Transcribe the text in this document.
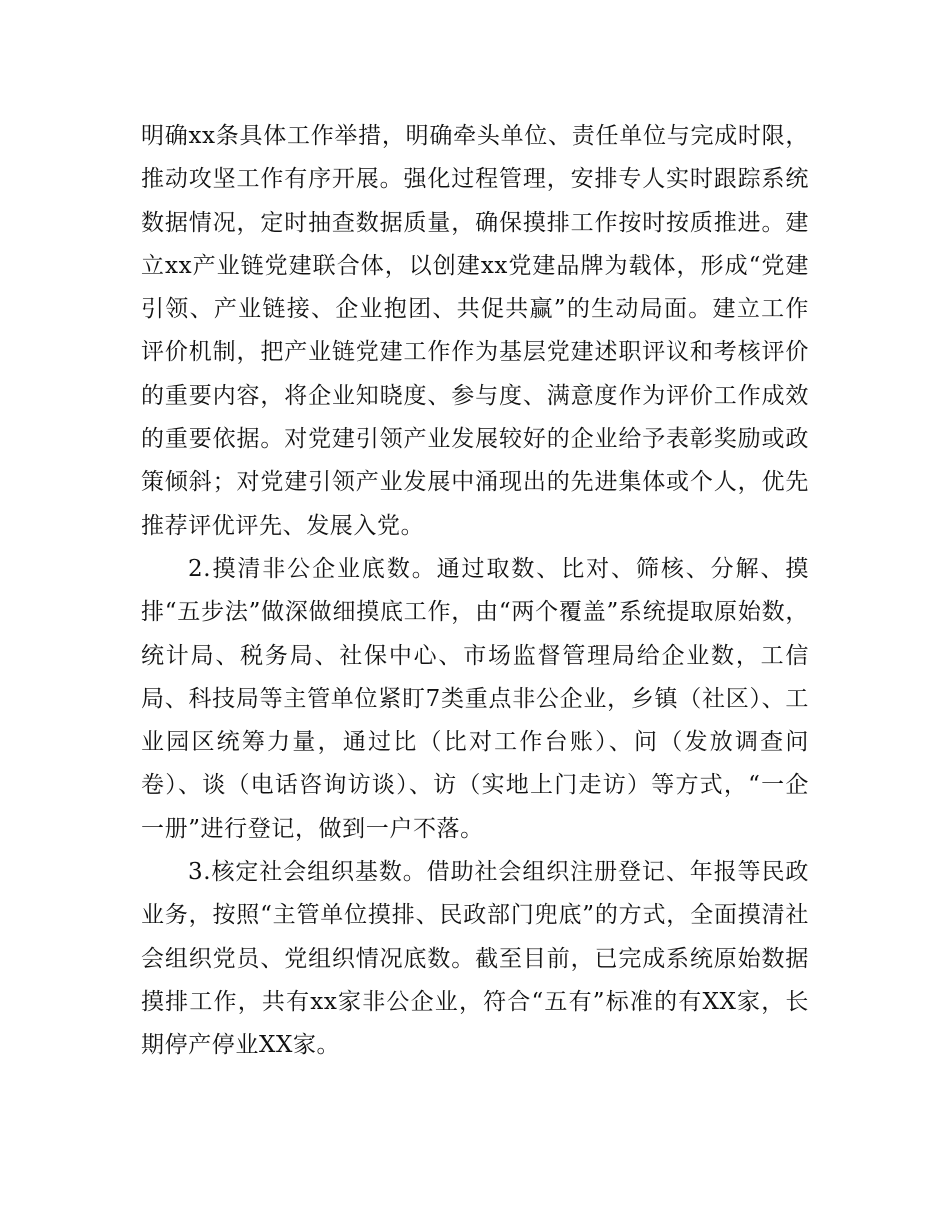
明确xx条具体工作举措，明确牵头单位、责任单位与完成时限，推动攻坚工作有序开展。强化过程管理，安排专人实时跟踪系统数据情况，定时抽查数据质量，确保摸排工作按时按质推进。建立xx产业链党建联合体，以创建xx党建品牌为载体，形成“党建引领、产业链接、企业抱团、共促共赢”的生动局面。建立工作评价机制，把产业链党建工作作为基层党建述职评议和考核评价的重要内容，将企业知晓度、参与度、满意度作为评价工作成效的重要依据。对党建引领产业发展较好的企业给予表彰奖励或政策倾斜；对党建引领产业发展中涌现出的先进集体或个人，优先推荐评优评先、发展入党。

2.摸清非公企业底数。通过取数、比对、筛核、分解、摸排“五步法”做深做细摸底工作，由“两个覆盖”系统提取原始数，统计局、税务局、社保中心、市场监督管理局给企业数，工信局、科技局等主管单位紧盯7类重点非公企业，乡镇（社区）、工业园区统筹力量，通过比（比对工作台账）、问（发放调查问卷）、谈（电话咨询访谈）、访（实地上门走访）等方式，“一企一册”进行登记，做到一户不落。

3.核定社会组织基数。借助社会组织注册登记、年报等民政业务，按照“主管单位摸排、民政部门兜底”的方式，全面摸清社会组织党员、党组织情况底数。截至目前，已完成系统原始数据摸排工作，共有xx家非公企业，符合“五有”标准的有XX家，长期停产停业XX家。
